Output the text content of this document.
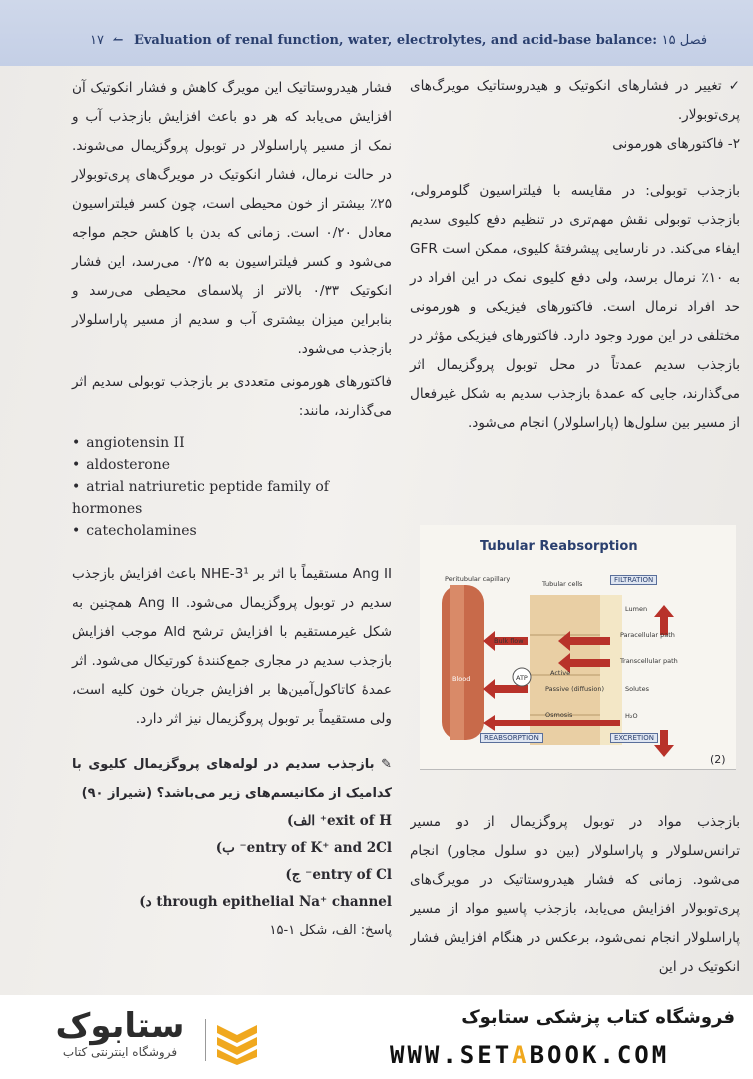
۱۷ ↼ Evaluation of renal function, water, electrolytes, and acid-base balance: فصل ۱۵

✓ تغییر در فشارهای انکوتیک و هیدروستاتیک مویرگ‌های پری‌توبولار.

۲- فاکتورهای هورمونی

بازجذب توبولی: در مقایسه با فیلتراسیون گلومرولی، بازجذب توبولی نقش مهم‌تری در تنظیم دفع کلیوی سدیم ایفاء می‌کند. در نارسایی پیشرفتهٔ کلیوی، ممکن است GFR به ۱۰٪ نرمال برسد، ولی دفع کلیوی نمک در این افراد در حد افراد نرمال است. فاکتورهای فیزیکی و هورمونی مختلفی در این مورد وجود دارد. فاکتورهای فیزیکی مؤثر در بازجذب سدیم عمدتاً در محل توبول پروگزیمال اثر می‌گذارند، جایی که عمدهٔ بازجذب سدیم به شکل غیرفعال از مسیر بین سلول‌ها (پاراسلولار) انجام می‌شود.

بازجذب مواد در توبول پروگزیمال از دو مسیر ترانس‌سلولار و پاراسلولار (بین دو سلول مجاور) انجام می‌شود. زمانی که فشار هیدروستاتیک در مویرگ‌های پری‌توبولار افزایش می‌یابد، بازجذب پاسیو مواد از مسیر پاراسلولار انجام نمی‌شود، برعکس در هنگام افزایش فشار انکوتیک در این

Tubular Reabsorption
Peritubular capillary
Tubular cells	FILTRATION
Lumen
Paracellular path
Transcellular path
Bulk flow
ATP
Active
Passive (diffusion)	Solutes
Osmosis	H₂O
Blood
REABSORPTION	EXCRETION
(2)

فشار هیدروستاتیک این مویرگ کاهش و فشار انکوتیک آن افزایش می‌یابد که هر دو باعث افزایش بازجذب آب و نمک از مسیر پاراسلولار در توبول پروگزیمال می‌شوند. در حالت نرمال، فشار انکوتیک در مویرگ‌های پری‌توبولار ۲۵٪ بیشتر از خون محیطی است، چون کسر فیلتراسیون معادل ۰/۲۰ است. زمانی که بدن با کاهش حجم مواجه می‌شود و کسر فیلتراسیون به ۰/۲۵ می‌رسد، این فشار انکوتیک ۰/۳۳ بالاتر از پلاسمای محیطی می‌رسد و بنابراین میزان بیشتری آب و سدیم از مسیر پاراسلولار بازجذب می‌شود.

فاکتورهای هورمونی متعددی بر بازجذب توبولی سدیم اثر می‌گذارند، مانند:

• angiotensin II
• aldosterone
• atrial natriuretic peptide family of hormones
• catecholamines

Ang II مستقیماً با اثر بر NHE-3¹ باعث افزایش بازجذب سدیم در توبول پروگزیمال می‌شود. Ang II همچنین به شکل غیرمستقیم با افزایش ترشح Ald موجب افزایش بازجذب سدیم در مجاری جمع‌کنندهٔ کورتیکال می‌شود. اثر عمدهٔ کاتاکول‌آمین‌ها بر افزایش جریان خون کلیه است، ولی مستقیماً بر توبول پروگزیمال نیز اثر دارد.

✎ بازجذب سدیم در لوله‌های پروگزیمال کلیوی با کدامیک از مکانیسم‌های زیر می‌باشد؟ (شیراز ۹۰)

exit of H⁺ الف)

entry of K⁺ and 2Cl⁻ ب)

entry of Cl⁻ ج)

through epithelial Na⁺ channel د)

پاسخ: الف، شکل ۱-۱۵

فروشگاه کتاب پزشکی ستابوک
WWW.SETABOOK.COM
ستابوک
فروشگاه اینترنتی کتاب
